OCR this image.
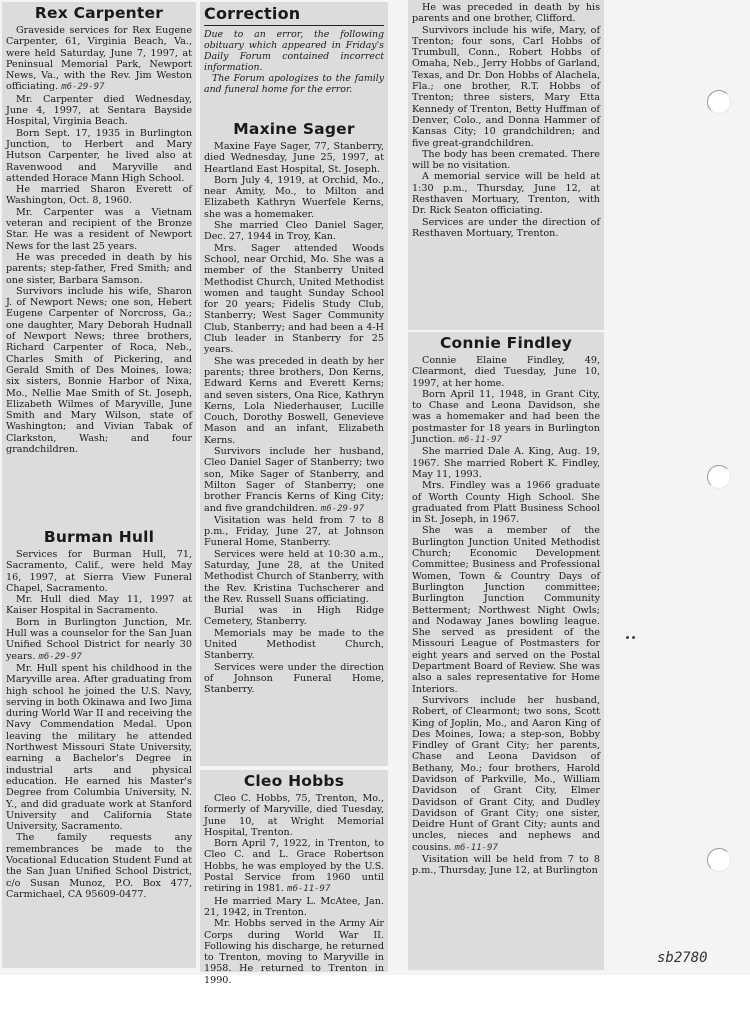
Rex Carpenter

Graveside services for Rex Eugene Carpenter, 61, Virginia Beach, Va., were held Saturday, June 7, 1997, at Peninsual Memorial Park, Newport News, Va., with the Rev. Jim Weston officiating. m6-29-97

Mr. Carpenter died Wednesday, June 4, 1997, at Sentara Bayside Hospital, Virginia Beach.

Born Sept. 17, 1935 in Burlington Junction, to Herbert and Mary Hutson Carpenter, he lived also at Ravenwood and Maryville and attended Horace Mann High School.

He married Sharon Everett of Washington, Oct. 8, 1960.

Mr. Carpenter was a Vietnam veteran and recipient of the Bronze Star. He was a resident of Newport News for the last 25 years.

He was preceded in death by his parents; step-father, Fred Smith; and one sister, Barbara Samson.

Survivors include his wife, Sharon J. of Newport News; one son, Hebert Eugene Carpenter of Norcross, Ga.; one daughter, Mary Deborah Hudnall of Newport News; three brothers, Richard Carpenter of Roca, Neb., Charles Smith of Pickering, and Gerald Smith of Des Moines, Iowa; six sisters, Bonnie Harbor of Nixa, Mo., Nellie Mae Smith of St. Joseph, Elizabeth Wilmes of Maryville, June Smith and Mary Wilson, state of Washington; and Vivian Tabak of Clarkston, Wash; and four grandchildren.

Burman Hull

Services for Burman Hull, 71, Sacramento, Calif., were held May 16, 1997, at Sierra View Funeral Chapel, Sacramento.

Mr. Hull died May 11, 1997 at Kaiser Hospital in Sacramento.

Born in Burlington Junction, Mr. Hull was a counselor for the San Juan Unified School District for nearly 30 years. m6-29-97

Mr. Hull spent his childhood in the Maryville area. After graduating from high school he joined the U.S. Navy, serving in both Okinawa and Iwo Jima during World War II and receiving the Navy Commendation Medal. Upon leaving the military he attended Northwest Missouri State University, earning a Bachelor's Degree in industrial arts and physical education. He earned his Master's Degree from Columbia University, N. Y., and did graduate work at Stanford University and California State University, Sacramento.

The family requests any remembrances be made to the Vocational Education Student Fund at the San Juan Unified School District, c/o Susan Munoz, P.O. Box 477, Carmichael, CA 95609-0477.

Correction

Due to an error, the following obituary which appeared in Friday's Daily Forum contained incorrect information.

The Forum apologizes to the family and funeral home for the error.

Maxine Sager

Maxine Faye Sager, 77, Stanberry, died Wednesday, June 25, 1997, at Heartland East Hospital, St. Joseph.

Born July 4, 1919, at Orchid, Mo., near Amity, Mo., to Milton and Elizabeth Kathryn Wuerfele Kerns, she was a homemaker.

She married Cleo Daniel Sager, Dec. 27, 1944 in Troy, Kan.

Mrs. Sager attended Woods School, near Orchid, Mo. She was a member of the Stanberry United Methodist Church, United Methodist women and taught Sunday School for 20 years; Fidelis Study Club, Stanberry; West Sager Community Club, Stanberry; and had been a 4-H Club leader in Stanberry for 25 years.

She was preceded in death by her parents; three brothers, Don Kerns, Edward Kerns and Everett Kerns; and seven sisters, Ona Rice, Kathryn Kerns, Lola Niederhauser, Lucille Couch, Dorothy Boswell, Genevieve Mason and an infant, Elizabeth Kerns.

Survivors include her husband, Cleo Daniel Sager of Stanberry; two son, Mike Sager of Stanberry, and Milton Sager of Stanberry; one brother Francis Kerns of King City; and five grandchildren. m6-29-97

Visitation was held from 7 to 8 p.m., Friday, June 27, at Johnson Funeral Home, Stanberry.

Services were held at 10:30 a.m., Saturday, June 28, at the United Methodist Church of Stanberry, with the Rev. Kristina Tuchscherer and the Rev. Russell Suans officiating.

Burial was in High Ridge Cemetery, Stanberry.

Memorials may be made to the United Methodist Church, Stanberry.

Services were under the direction of Johnson Funeral Home, Stanberry.

Cleo Hobbs

Cleo C. Hobbs, 75, Trenton, Mo., formerly of Maryville, died Tuesday, June 10, at Wright Memorial Hospital, Trenton.

Born April 7, 1922, in Trenton, to Cleo C. and L. Grace Robertson Hobbs, he was employed by the U.S. Postal Service from 1960 until retiring in 1981. m6-11-97

He married Mary L. McAtee, Jan. 21, 1942, in Trenton.

Mr. Hobbs served in the Army Air Corps during World War II. Following his discharge, he returned to Trenton, moving to Maryville in 1958. He returned to Trenton in 1990.

He was preceded in death by his parents and one brother, Clifford.

Survivors include his wife, Mary, of Trenton; four sons, Carl Hobbs of Trumbull, Conn., Robert Hobbs of Omaha, Neb., Jerry Hobbs of Garland, Texas, and Dr. Don Hobbs of Alachela, Fla.; one brother, R.T. Hobbs of Trenton; three sisters, Mary Etta Kennedy of Trenton, Betty Huffman of Denver, Colo., and Donna Hammer of Kansas City; 10 grandchildren; and five great-grandchildren.

The body has been cremated. There will be no visitation.

A memorial service will be held at 1:30 p.m., Thursday, June 12, at Resthaven Mortuary, Trenton, with Dr. Rick Seaton officiating.

Services are under the direction of Resthaven Mortuary, Trenton.

Connie Findley

Connie Elaine Findley, 49, Clearmont, died Tuesday, June 10, 1997, at her home.

Born April 11, 1948, in Grant City, to Chase and Leona Davidson, she was a homemaker and had been the postmaster for 18 years in Burlington Junction. m6-11-97

She married Dale A. King, Aug. 19, 1967. She married Robert K. Findley, May 11, 1993.

Mrs. Findley was a 1966 graduate of Worth County High School. She graduated from Platt Business School in St. Joseph, in 1967.

She was a member of the Burlington Junction United Methodist Church; Economic Development Committee; Business and Professional Women, Town & Country Days of Burlington Junction committee; Burlington Junction Community Betterment; Northwest Night Owls; and Nodaway Janes bowling league. She served as president of the Missouri League of Postmasters for eight years and served on the Postal Department Board of Review. She was also a sales representative for Home Interiors.

Survivors include her husband, Robert, of Clearmont; two sons, Scott King of Joplin, Mo., and Aaron King of Des Moines, Iowa; a step-son, Bobby Findley of Grant City; her parents, Chase and Leona Davidson of Bethany, Mo.; four brothers, Harold Davidson of Parkville, Mo., William Davidson of Grant City, Elmer Davidson of Grant City, and Dudley Davidson of Grant City; one sister, Deidre Hunt of Grant City; aunts and uncles, nieces and nephews and cousins. m6-11-97

Visitation will be held from 7 to 8 p.m., Thursday, June 12, at Burlington

sb2780
